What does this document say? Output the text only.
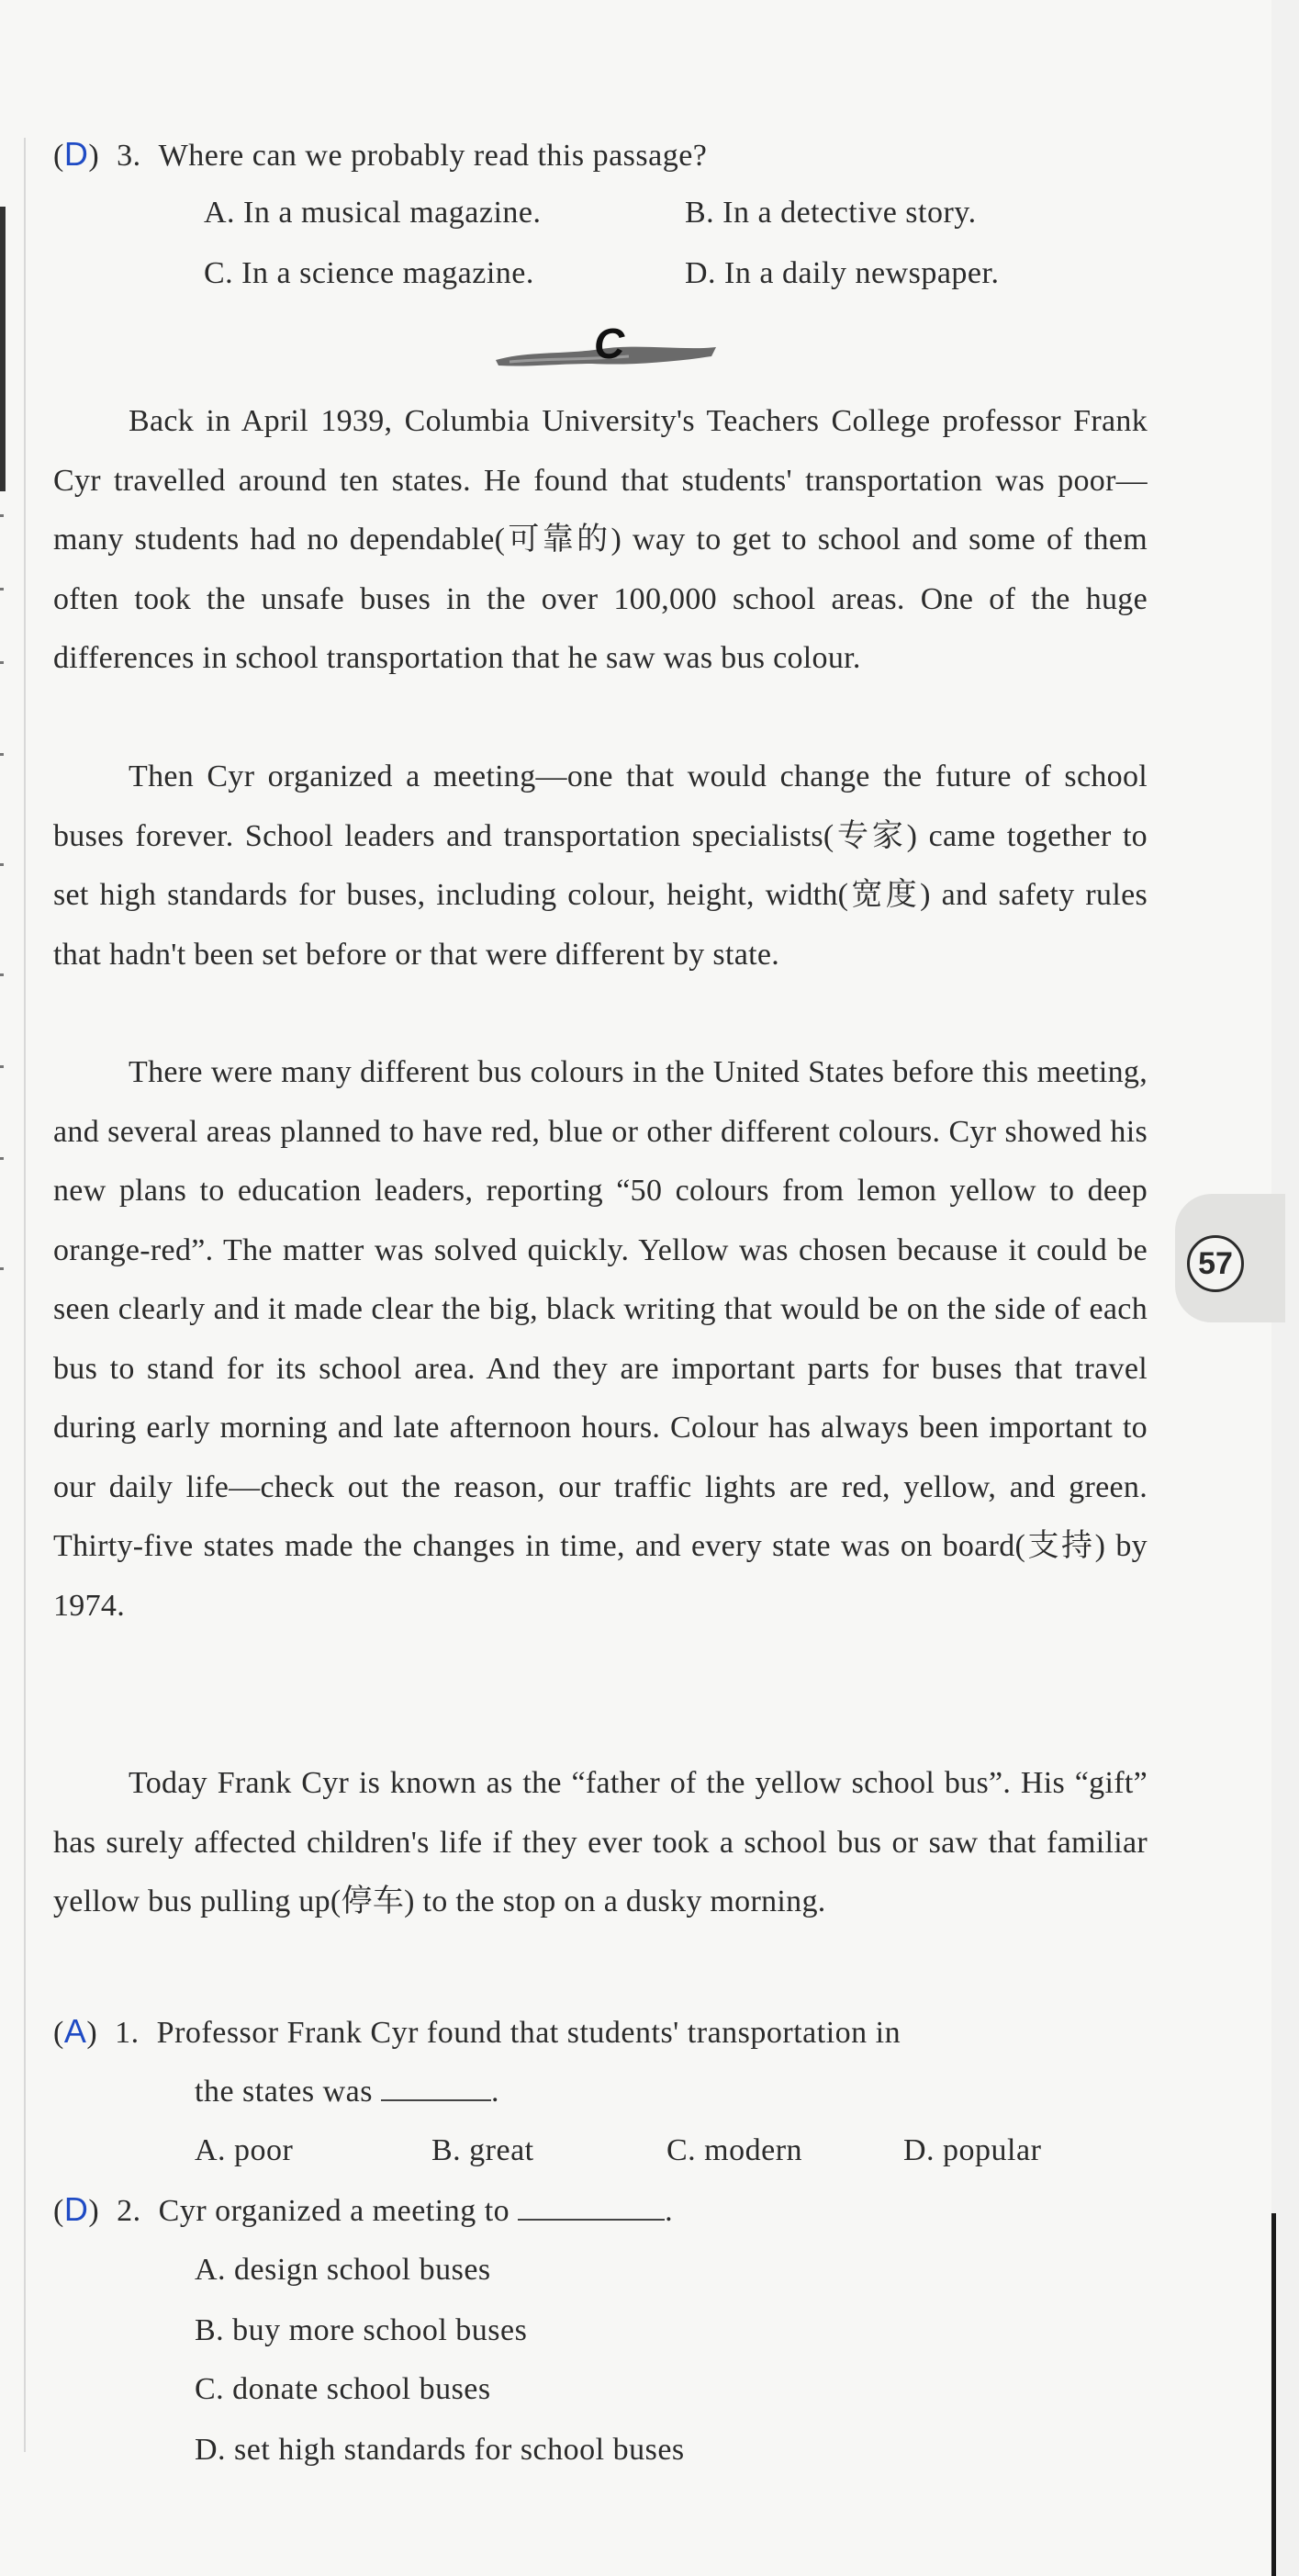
(D) 3. Where can we probably read this passage?
A. In a musical magazine.	B. In a detective story.
C. In a science magazine.	D. In a daily newspaper.
C

Back in April 1939, Columbia University's Teachers College professor Frank Cyr travelled around ten states. He found that students' transportation was poor—many students had no dependable(可靠的) way to get to school and some of them often took the unsafe buses in the over 100,000 school areas. One of the huge differences in school transportation that he saw was bus colour.

Then Cyr organized a meeting—one that would change the future of school buses forever. School leaders and transportation specialists(专家) came together to set high standards for buses, including colour, height, width(宽度) and safety rules that hadn't been set before or that were different by state.

There were many different bus colours in the United States before this meeting, and several areas planned to have red, blue or other different colours. Cyr showed his new plans to education leaders, reporting “50 colours from lemon yellow to deep orange-red”. The matter was solved quickly. Yellow was chosen because it could be seen clearly and it made clear the big, black writing that would be on the side of each bus to stand for its school area. And they are important parts for buses that travel during early morning and late afternoon hours. Colour has always been important to our daily life—check out the reason, our traffic lights are red, yellow, and green. Thirty-five states made the changes in time, and every state was on board(支持) by 1974.

Today Frank Cyr is known as the “father of the yellow school bus”. His “gift” has surely affected children's life if they ever took a school bus or saw that familiar yellow bus pulling up(停车) to the stop on a dusky morning.

(A) 1. Professor Frank Cyr found that students' transportation in
the states was	.
A. poor	B. great	C. modern	D. popular
(D) 2. Cyr organized a meeting to	.
A. design school buses
B. buy more school buses
C. donate school buses
D. set high standards for school buses
57
